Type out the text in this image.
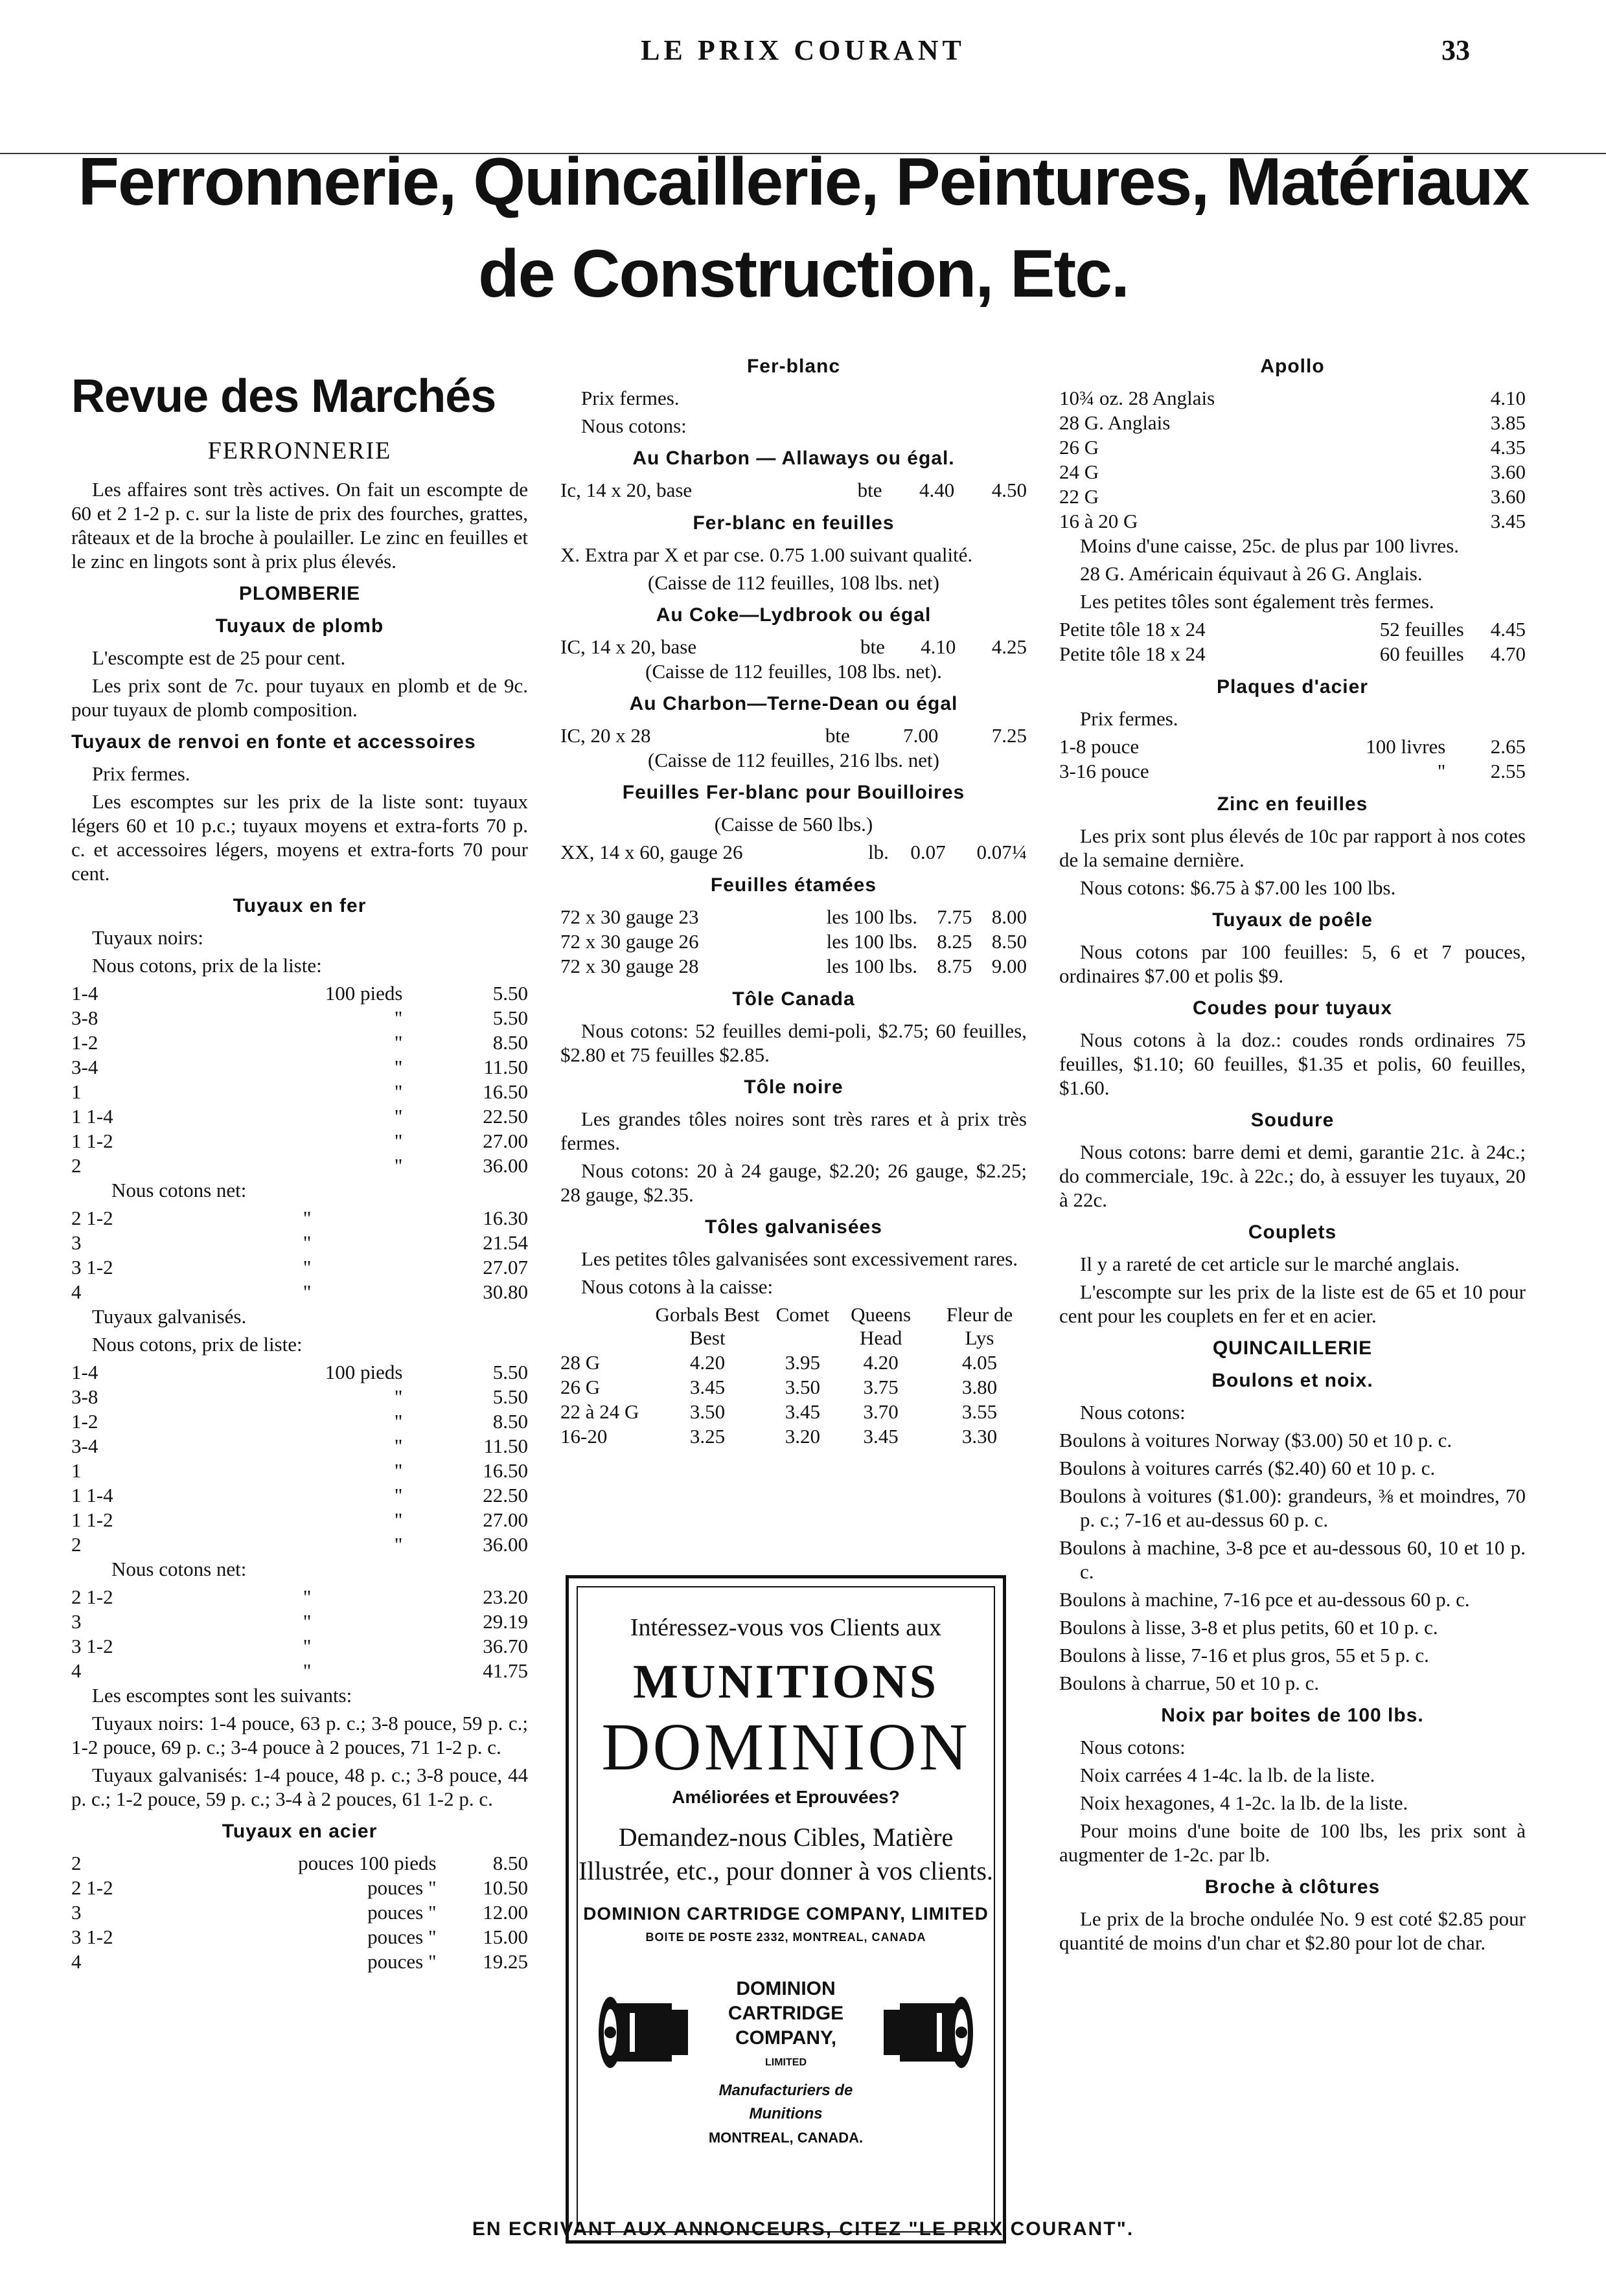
LE PRIX COURANT	33
Ferronnerie, Quincaillerie, Peintures, Matériaux
de Construction, Etc.
Revue des Marchés
FERRONNERIE

Les affaires sont très actives. On fait un escompte de 60 et 2 1-2 p. c. sur la liste de prix des fourches, grattes, râteaux et de la broche à poulailler. Le zinc en feuilles et le zinc en lingots sont à prix plus élevés.

PLOMBERIE
Tuyaux de plomb

L'escompte est de 25 pour cent.

Les prix sont de 7c. pour tuyaux en plomb et de 9c. pour tuyaux de plomb composition.

Tuyaux de renvoi en fonte et accessoires

Prix fermes.

Les escomptes sur les prix de la liste sont: tuyaux légers 60 et 10 p.c.; tuyaux moyens et extra-forts 70 p. c. et accessoires légers, moyens et extra-forts 70 pour cent.

Tuyaux en fer

Tuyaux noirs:

Nous cotons, prix de la liste:

1-4	100 pieds	5.50
3-8	"	5.50
1-2	"	8.50
3-4	"	11.50
1	"	16.50
1 1-4	"	22.50
1 1-2	"	27.00
2	"	36.00

Nous cotons net:

2 1-2	"	16.30
3	"	21.54
3 1-2	"	27.07
4	"	30.80

Tuyaux galvanisés.

Nous cotons, prix de liste:

1-4	100 pieds	5.50
3-8	"	5.50
1-2	"	8.50
3-4	"	11.50
1	"	16.50
1 1-4	"	22.50
1 1-2	"	27.00
2	"	36.00

Nous cotons net:

2 1-2	"	23.20
3	"	29.19
3 1-2	"	36.70
4	"	41.75

Les escomptes sont les suivants:

Tuyaux noirs: 1-4 pouce, 63 p. c.; 3-8 pouce, 59 p. c.; 1-2 pouce, 69 p. c.; 3-4 pouce à 2 pouces, 71 1-2 p. c.

Tuyaux galvanisés: 1-4 pouce, 48 p. c.; 3-8 pouce, 44 p. c.; 1-2 pouce, 59 p. c.; 3-4 à 2 pouces, 61 1-2 p. c.

Tuyaux en acier
2	pouces 100 pieds	8.50
2 1-2	pouces "	10.50
3	pouces "	12.00
3 1-2	pouces "	15.00
4	pouces "	19.25
Fer-blanc

Prix fermes.

Nous cotons:

Au Charbon — Allaways ou égal.
Ic, 14 x 20, base	bte	4.40	4.50
Fer-blanc en feuilles

X. Extra par X et par cse. 0.75 1.00 suivant qualité.

(Caisse de 112 feuilles, 108 lbs. net)

Au Coke—Lydbrook ou égal
IC, 14 x 20, base	bte	4.10	4.25

(Caisse de 112 feuilles, 108 lbs. net).

Au Charbon—Terne-Dean ou égal
IC, 20 x 28	bte	7.00	7.25

(Caisse de 112 feuilles, 216 lbs. net)

Feuilles Fer-blanc pour Bouilloires

(Caisse de 560 lbs.)

XX, 14 x 60, gauge 26	lb.	0.07	0.07¼
Feuilles étamées
72 x 30 gauge 23	les 100 lbs.	7.75	8.00
72 x 30 gauge 26	les 100 lbs.	8.25	8.50
72 x 30 gauge 28	les 100 lbs.	8.75	9.00
Tôle Canada

Nous cotons: 52 feuilles demi-poli, $2.75; 60 feuilles, $2.80 et 75 feuilles $2.85.

Tôle noire

Les grandes tôles noires sont très rares et à prix très fermes.

Nous cotons: 20 à 24 gauge, $2.20; 26 gauge, $2.25; 28 gauge, $2.35.

Tôles galvanisées

Les petites tôles galvanisées sont excessivement rares.

Nous cotons à la caisse:

	Gorbals Best Best	Comet	Queens Head	Fleur de Lys
28 G	4.20	3.95	4.20	4.05
26 G	3.45	3.50	3.75	3.80
22 à 24 G	3.50	3.45	3.70	3.55
16-20	3.25	3.20	3.45	3.30
Intéressez-vous vos Clients aux
MUNITIONS
DOMINION
Améliorées et Eprouvées?
Demandez-nous Cibles, Matière Illustrée, etc., pour donner à vos clients.
DOMINION CARTRIDGE COMPANY, LIMITED
BOITE DE POSTE 2332, MONTREAL, CANADA
DOMINION
CARTRIDGE
COMPANY,
LIMITED
Manufacturiers de Munitions
MONTREAL, CANADA.
Apollo
10¾ oz. 28 Anglais	4.10
28 G. Anglais	3.85
26 G	4.35
24 G	3.60
22 G	3.60
16 à 20 G	3.45

Moins d'une caisse, 25c. de plus par 100 livres.

28 G. Américain équivaut à 26 G. Anglais.

Les petites tôles sont également très fermes.

Petite tôle 18 x 24	52 feuilles	4.45
Petite tôle 18 x 24	60 feuilles	4.70
Plaques d'acier

Prix fermes.

1-8 pouce	100 livres	2.65
3-16 pouce	"	2.55
Zinc en feuilles

Les prix sont plus élevés de 10c par rapport à nos cotes de la semaine dernière.

Nous cotons: $6.75 à $7.00 les 100 lbs.

Tuyaux de poêle

Nous cotons par 100 feuilles: 5, 6 et 7 pouces, ordinaires $7.00 et polis $9.

Coudes pour tuyaux

Nous cotons à la doz.: coudes ronds ordinaires 75 feuilles, $1.10; 60 feuilles, $1.35 et polis, 60 feuilles, $1.60.

Soudure

Nous cotons: barre demi et demi, garantie 21c. à 24c.; do commerciale, 19c. à 22c.; do, à essuyer les tuyaux, 20 à 22c.

Couplets

Il y a rareté de cet article sur le marché anglais.

L'escompte sur les prix de la liste est de 65 et 10 pour cent pour les couplets en fer et en acier.

QUINCAILLERIE
Boulons et noix.

Nous cotons:

Boulons à voitures Norway ($3.00) 50 et 10 p. c.

Boulons à voitures carrés ($2.40) 60 et 10 p. c.

Boulons à voitures ($1.00): grandeurs, ⅜ et moindres, 70 p. c.; 7-16 et au-dessus 60 p. c.

Boulons à machine, 3-8 pce et au-dessous 60, 10 et 10 p. c.

Boulons à machine, 7-16 pce et au-dessous 60 p. c.

Boulons à lisse, 3-8 et plus petits, 60 et 10 p. c.

Boulons à lisse, 7-16 et plus gros, 55 et 5 p. c.

Boulons à charrue, 50 et 10 p. c.

Noix par boites de 100 lbs.

Nous cotons:

Noix carrées 4 1-4c. la lb. de la liste.

Noix hexagones, 4 1-2c. la lb. de la liste.

Pour moins d'une boite de 100 lbs, les prix sont à augmenter de 1-2c. par lb.

Broche à clôtures

Le prix de la broche ondulée No. 9 est coté $2.85 pour quantité de moins d'un char et $2.80 pour lot de char.

EN ECRIVANT AUX ANNONCEURS, CITEZ "LE PRIX COURANT".
